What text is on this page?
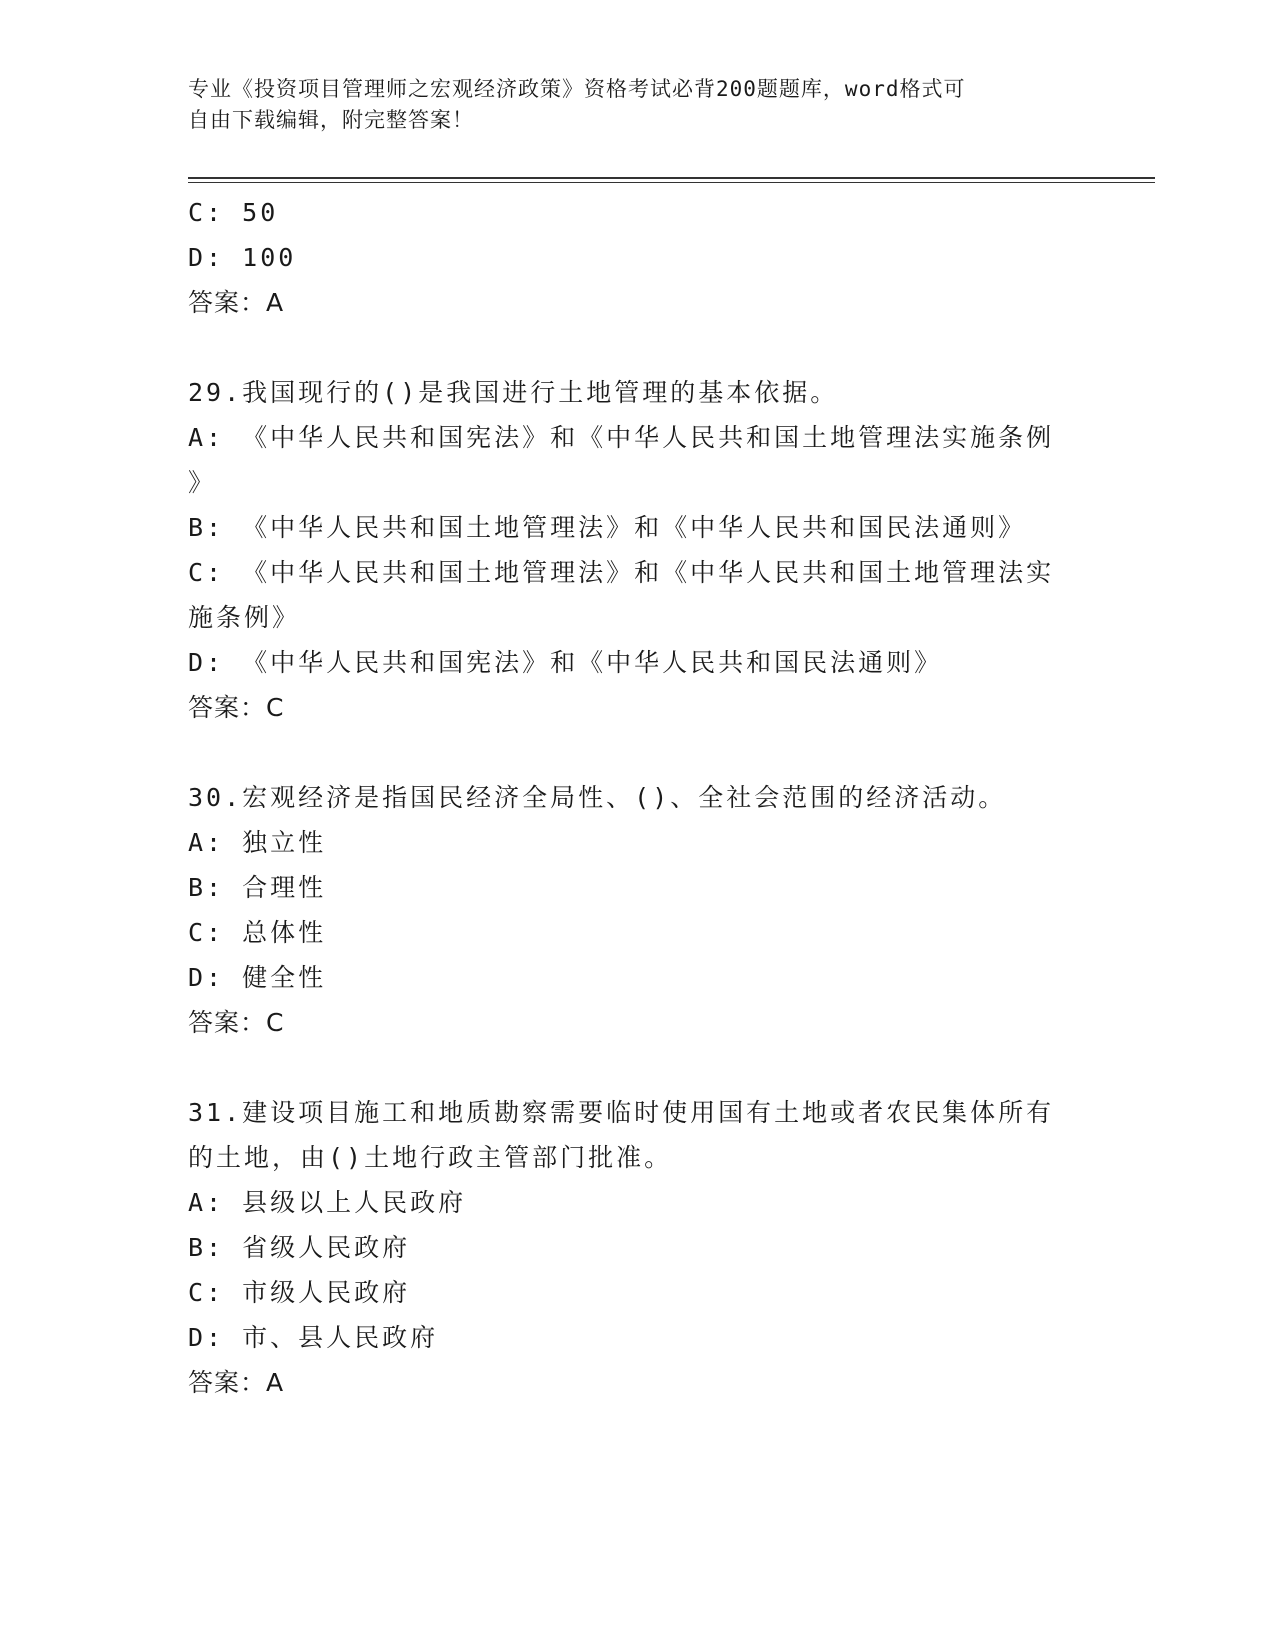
专业《投资项目管理师之宏观经济政策》资格考试必背200题题库，word格式可
自由下载编辑，附完整答案！
C: 50
D: 100
答案：A
29.我国现行的()是我国进行土地管理的基本依据。
A: 《中华人民共和国宪法》和《中华人民共和国土地管理法实施条例
》
B: 《中华人民共和国土地管理法》和《中华人民共和国民法通则》
C: 《中华人民共和国土地管理法》和《中华人民共和国土地管理法实
施条例》
D: 《中华人民共和国宪法》和《中华人民共和国民法通则》
答案：C
30.宏观经济是指国民经济全局性、()、全社会范围的经济活动。
A: 独立性
B: 合理性
C: 总体性
D: 健全性
答案：C
31.建设项目施工和地质勘察需要临时使用国有土地或者农民集体所有
的土地，由()土地行政主管部门批准。
A: 县级以上人民政府
B: 省级人民政府
C: 市级人民政府
D: 市、县人民政府
答案：A
